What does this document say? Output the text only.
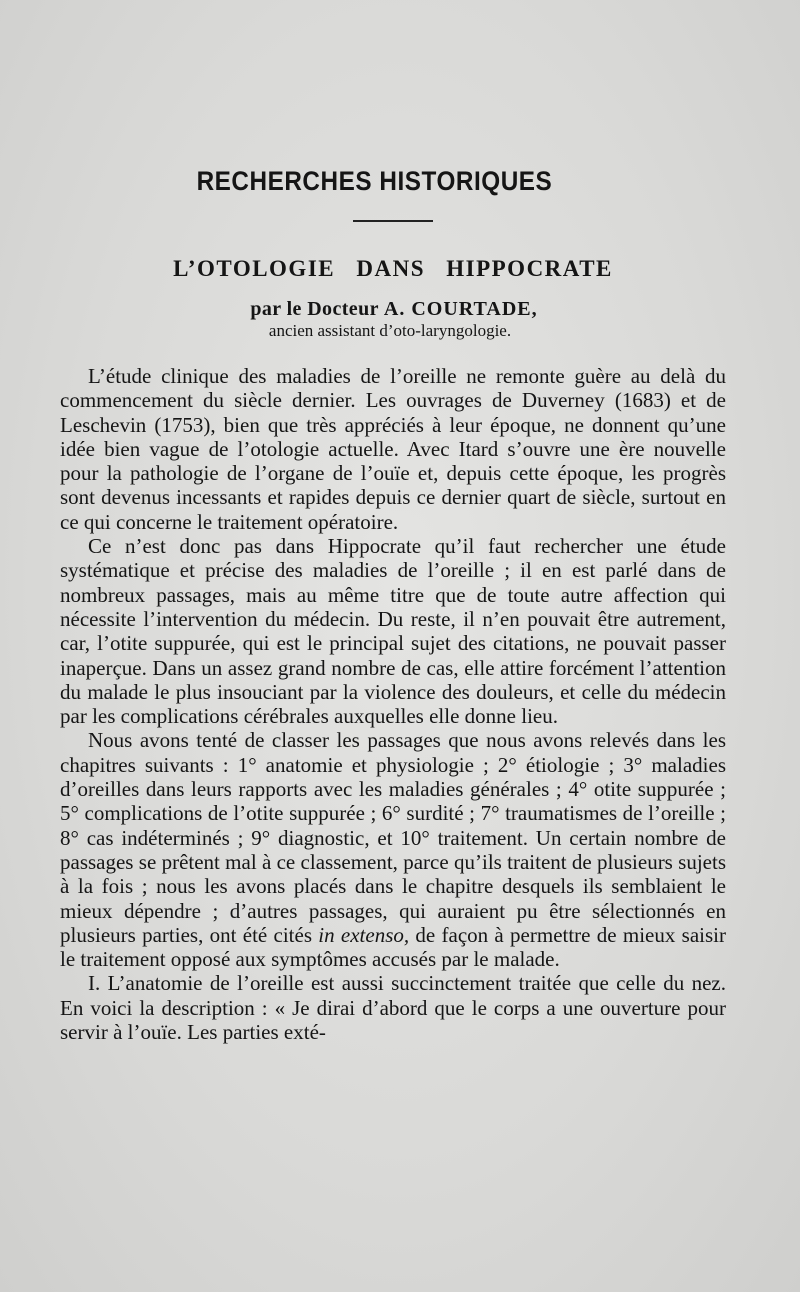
RECHERCHES HISTORIQUES
L’OTOLOGIE DANS HIPPOCRATE
par le Docteur A. COURTADE,
ancien assistant d’oto-laryngologie.

L’étude clinique des maladies de l’oreille ne remonte guère au delà du commencement du siècle dernier. Les ouvrages de Duverney (1683) et de Leschevin (1753), bien que très appréciés à leur époque, ne donnent qu’une idée bien vague de l’otologie actuelle. Avec Itard s’ouvre une ère nouvelle pour la pathologie de l’organe de l’ouïe et, depuis cette époque, les progrès sont devenus incessants et rapides depuis ce dernier quart de siècle, surtout en ce qui concerne le traitement opératoire.

Ce n’est donc pas dans Hippocrate qu’il faut rechercher une étude systématique et précise des maladies de l’oreille ; il en est parlé dans de nombreux passages, mais au même titre que de toute autre affection qui nécessite l’intervention du médecin. Du reste, il n’en pouvait être autrement, car, l’otite suppurée, qui est le principal sujet des citations, ne pouvait passer inaperçue. Dans un assez grand nombre de cas, elle attire forcément l’attention du malade le plus insouciant par la violence des douleurs, et celle du médecin par les complications cérébrales auxquelles elle donne lieu.

Nous avons tenté de classer les passages que nous avons relevés dans les chapitres suivants : 1° anatomie et physiologie ; 2° étiologie ; 3° maladies d’oreilles dans leurs rapports avec les maladies générales ; 4° otite suppurée ; 5° complications de l’otite suppurée ; 6° surdité ; 7° traumatismes de l’oreille ; 8° cas indéterminés ; 9° diagnostic, et 10° traitement. Un certain nombre de passages se prêtent mal à ce classement, parce qu’ils traitent de plusieurs sujets à la fois ; nous les avons placés dans le chapitre desquels ils semblaient le mieux dépendre ; d’autres passages, qui auraient pu être sélectionnés en plusieurs parties, ont été cités in extenso, de façon à permettre de mieux saisir le traitement opposé aux symptômes accusés par le malade.

I. L’anatomie de l’oreille est aussi succinctement traitée que celle du nez. En voici la description : « Je dirai d’abord que le corps a une ouverture pour servir à l’ouïe. Les parties exté-
